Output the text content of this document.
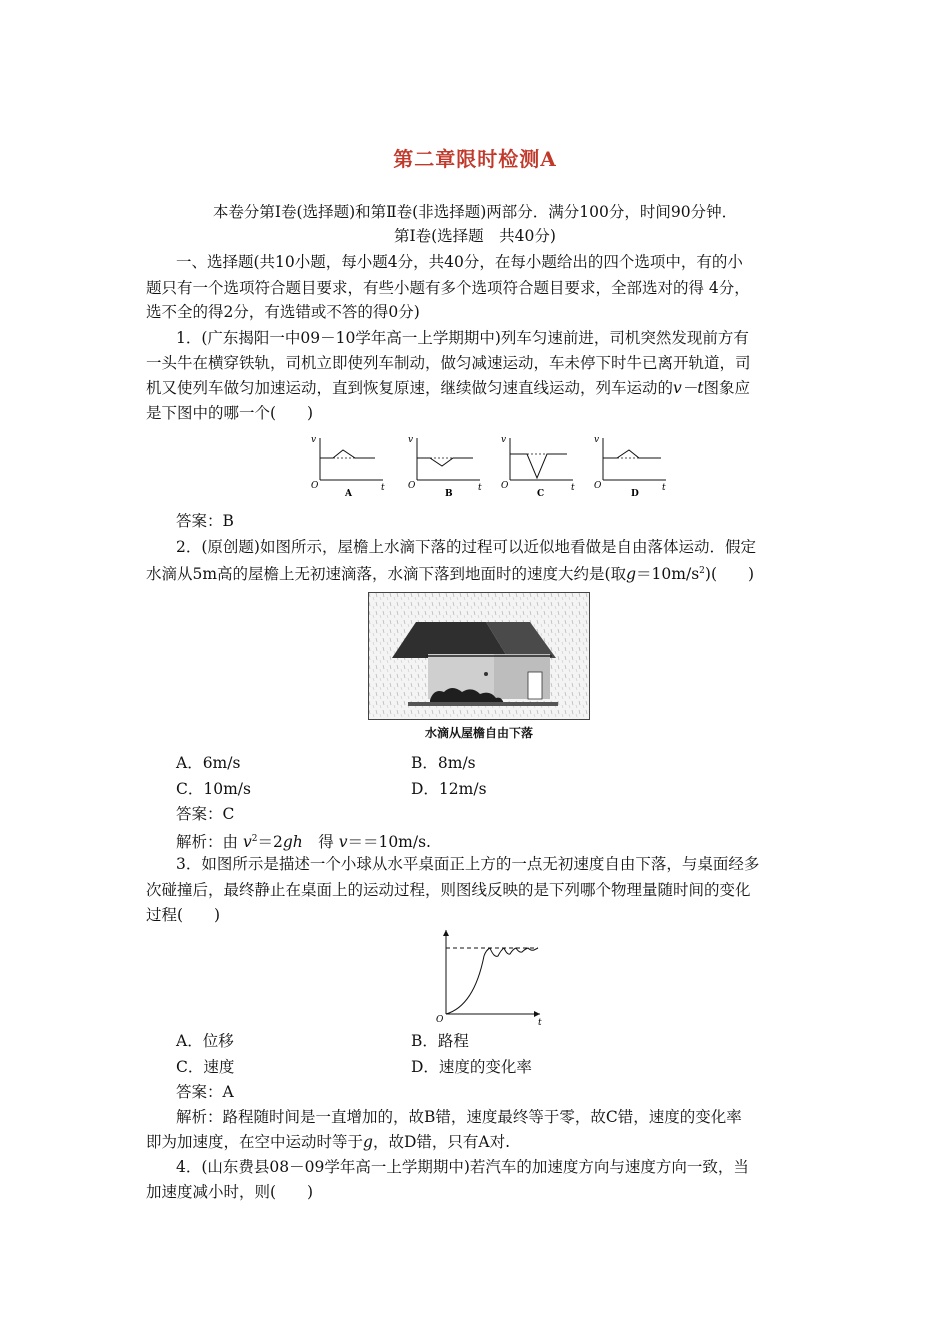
第二章限时检测A
本卷分第Ⅰ卷(选择题)和第Ⅱ卷(非选择题)两部分．满分100分，时间90分钟．
第Ⅰ卷(选择题　共40分)
一、选择题(共10小题，每小题4分，共40分，在每小题给出的四个选项中，有的小
题只有一个选项符合题目要求，有些小题有多个选项符合题目要求，全部选对的得 4分，
选不全的得2分，有选错或不答的得0分)
1．(广东揭阳一中09－10学年高一上学期期中)列车匀速前进，司机突然发现前方有
一头牛在横穿铁轨，司机立即使列车制动，做匀减速运动，车未停下时牛已离开轨道，司
机又使列车做匀加速运动，直到恢复原速，继续做匀速直线运动，列车运动的v－t图象应
是下图中的哪一个(　　)
v
t
O
A
v
t
O
B
v
t
O
C
v
t
O
D
答案：B
2．(原创题)如图所示，屋檐上水滴下落的过程可以近似地看做是自由落体运动．假定
水滴从5m高的屋檐上无初速滴落，水滴下落到地面时的速度大约是(取$g=10m/s^2$)(　　)
水滴从屋檐自由下落
A．6m/s	B．8m/s
C．10m/s	D．12m/s
答案：C
解析：由 $v^2=2gh$　得 v＝＝10m/s.
3．如图所示是描述一个小球从水平桌面正上方的一点无初速度自由下落，与桌面经多
次碰撞后，最终静止在桌面上的运动过程，则图线反映的是下列哪个物理量随时间的变化
过程(　　)
O	t
A．位移	B．路程
C．速度	D．速度的变化率
答案：A
解析：路程随时间是一直增加的，故B错，速度最终等于零，故C错，速度的变化率
即为加速度，在空中运动时等于g，故D错，只有A对.
4．(山东费县08－09学年高一上学期期中)若汽车的加速度方向与速度方向一致，当
加速度减小时，则(　　)
